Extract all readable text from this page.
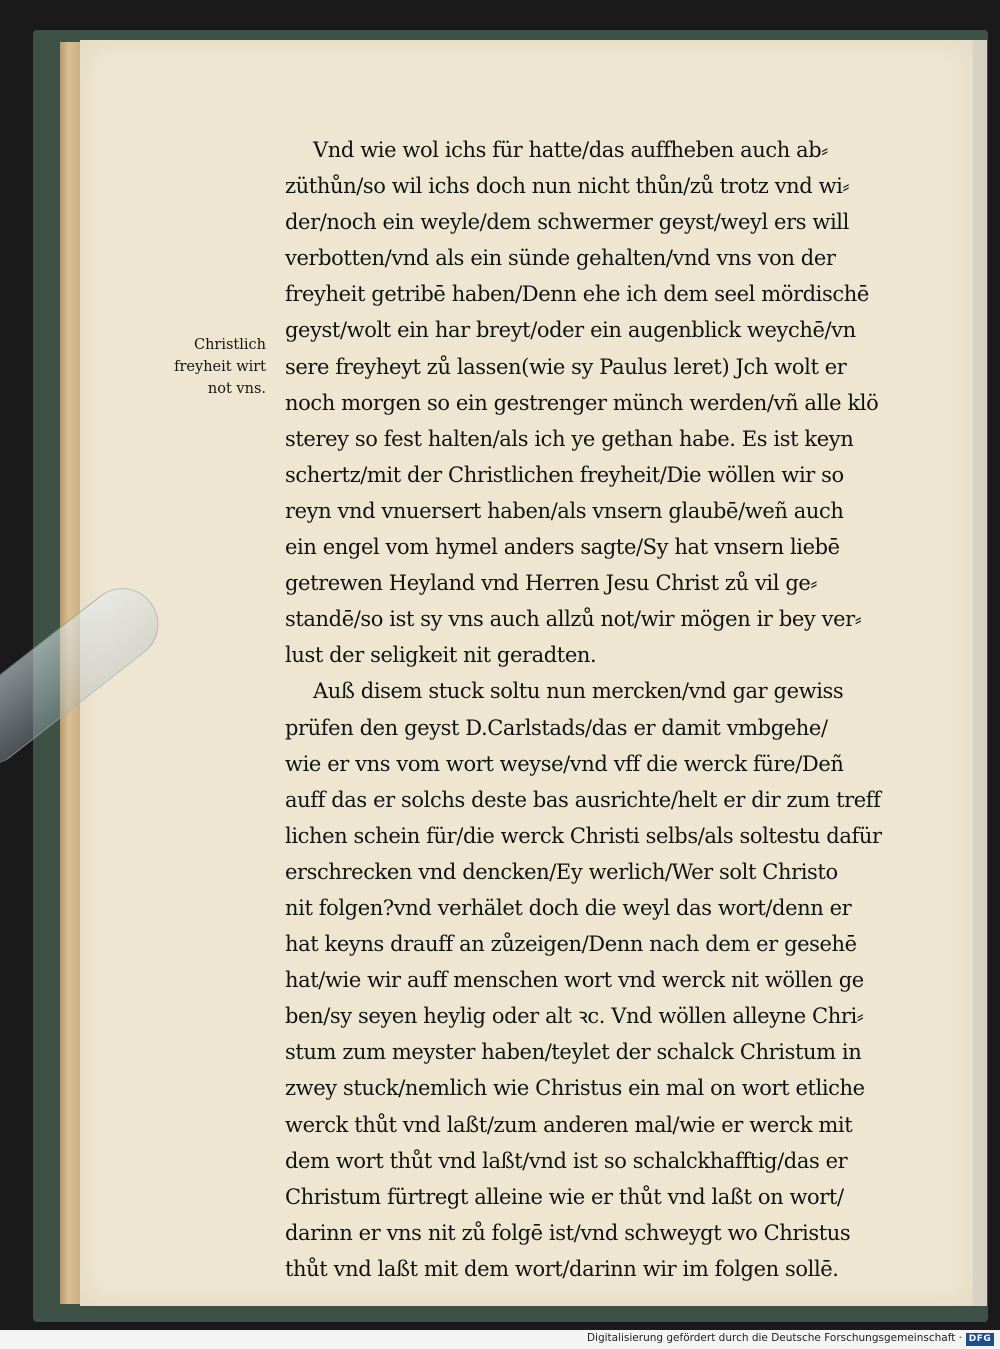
Christlich
freyheit wirt
not vns.
Vnd wie wol ichs für hatte/das auffheben auch ab⸗
züthůn/so wil ichs doch nun nicht thůn/zů trotz vnd wi⸗
der/noch ein weyle/dem schwermer geyst/weyl ers will
verbotten/vnd als ein sünde gehalten/vnd vns von der
freyheit getribē haben/Denn ehe ich dem seel mördischē
geyst/wolt ein har breyt/oder ein augenblick weychē/vn
sere freyheyt zů lassen(wie sy Paulus leret) Jch wolt er
noch morgen so ein gestrenger münch werden/vñ alle klö
sterey so fest halten/als ich ye gethan habe. Es ist keyn
schertz/mit der Christlichen freyheit/Die wöllen wir so
reyn vnd vnuersert haben/als vnsern glaubē/weñ auch
ein engel vom hymel anders sagte/Sy hat vnsern liebē
getrewen Heyland vnd Herren Jesu Christ zů vil ge⸗
standē/so ist sy vns auch allzů not/wir mögen ir bey ver⸗
lust der seligkeit nit geradten.
Auß disem stuck soltu nun mercken/vnd gar gewiss
prüfen den geyst D.Carlstads/das er damit vmbgehe/
wie er vns vom wort weyse/vnd vff die werck füre/Deñ
auff das er solchs deste bas ausrichte/helt er dir zum treff
lichen schein für/die werck Christi selbs/als soltestu dafür
erschrecken vnd dencken/Ey werlich/Wer solt Christo
nit folgen?vnd verhälet doch die weyl das wort/denn er
hat keyns drauff an zůzeigen/Denn nach dem er gesehē
hat/wie wir auff menschen wort vnd werck nit wöllen ge
ben/sy seyen heylig oder alt ꝛc. Vnd wöllen alleyne Chri⸗
stum zum meyster haben/teylet der schalck Christum in
zwey stuck/nemlich wie Christus ein mal on wort etliche
werck thůt vnd laßt/zum anderen mal/wie er werck mit
dem wort thůt vnd laßt/vnd ist so schalckhafftig/das er
Christum fürtregt alleine wie er thůt vnd laßt on wort/
darinn er vns nit zů folgē ist/vnd schweygt wo Christus
thůt vnd laßt mit dem wort/darinn wir im folgen sollē.
Digitalisierung gefördert durch die Deutsche Forschungsgemeinschaft · DFG
